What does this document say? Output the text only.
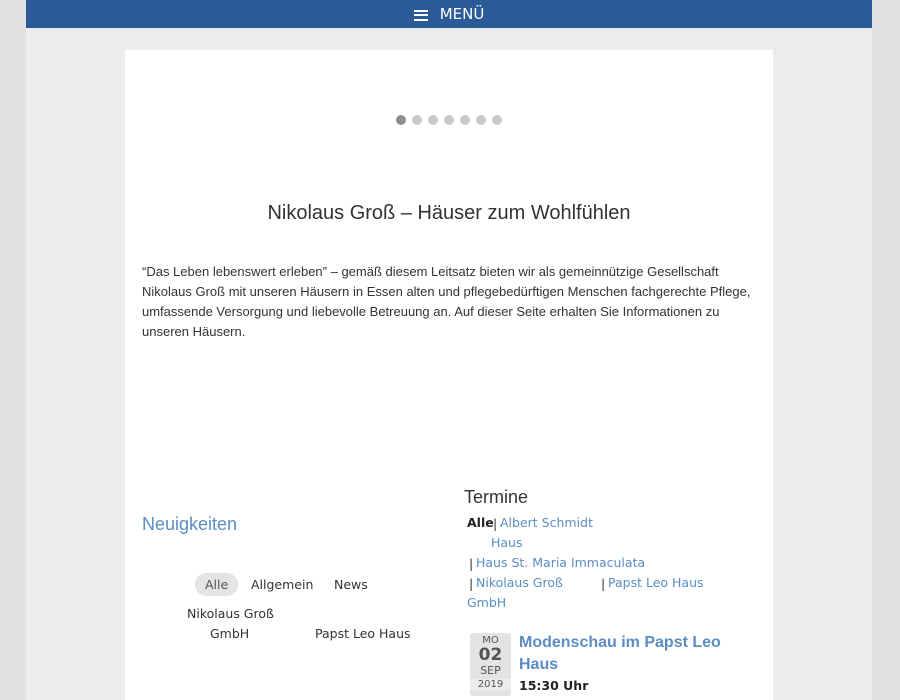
MENÜ
Nikolaus Groß – Häuser zum Wohlfühlen

“Das Leben lebenswert erleben” – gemäß diesem Leitsatz bieten wir als gemeinnützige Gesellschaft Nikolaus Groß mit unseren Häusern in Essen alten und pflegebedürftigen Menschen fachgerechte Pflege, umfassende Versorgung und liebevolle Betreuung an. Auf dieser Seite erhalten Sie Informationen zu unseren Häusern.

Neuigkeiten
Alle	Allgemein News
Nikolaus Groß
GmbH	Papst Leo Haus
Termine
Alle | Albert Schmidt
Haus
| Haus St. Maria Immaculata
| Nikolaus Groß	| Papst Leo Haus
GmbH
MO
02
SEP
2019

Modenschau im Papst Leo Haus

15:30 Uhr
